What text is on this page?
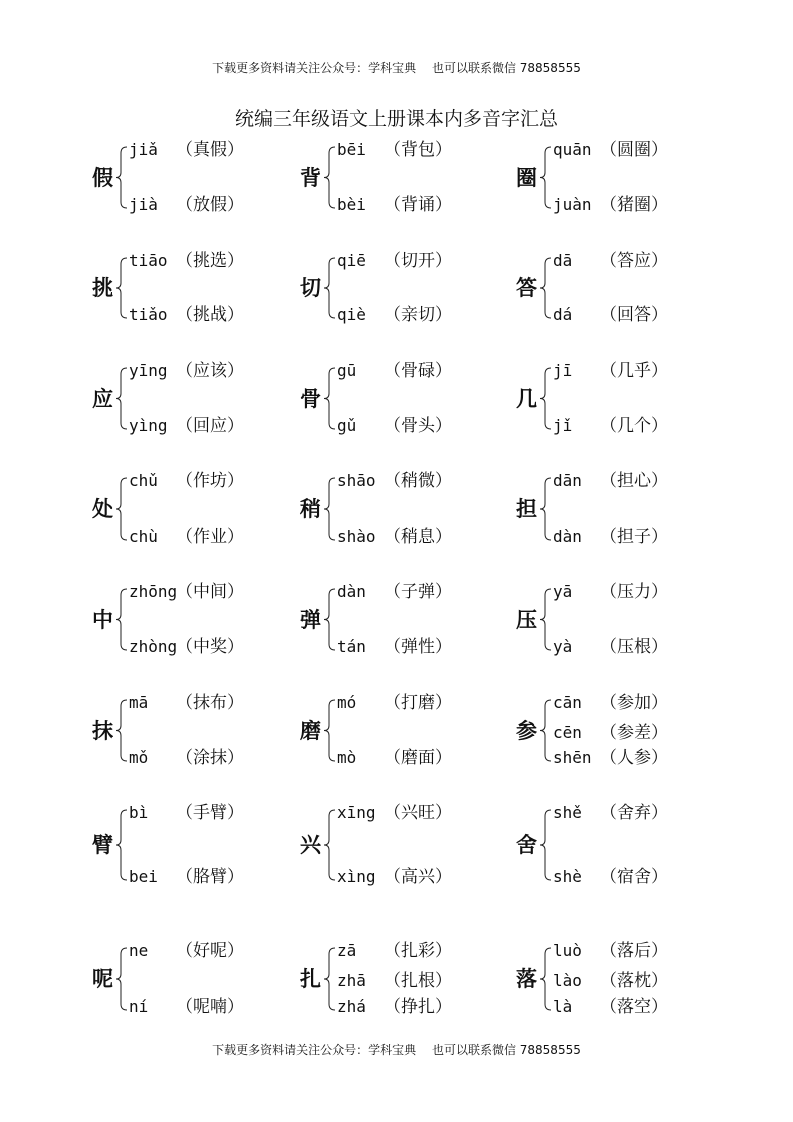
下载更多资料请关注公众号：学科宝典　 也可以联系微信 78858555
统编三年级语文上册课本内多音字汇总
假
jiǎ （真假）
jià （放假）
背
bēi （背包）
bèi （背诵）
圈
quān （圆圈）
juàn （猪圈）
挑
tiāo （挑选）
tiǎo （挑战）
切
qiē （切开）
qiè （亲切）
答
dā （答应）
dá （回答）
应
yīng （应该）
yìng （回应）
骨
gū （骨碌）
gǔ （骨头）
几
jī （几乎）
jǐ （几个）
处
chǔ （作坊）
chù （作业）
稍
shāo （稍微）
shào （稍息）
担
dān （担心）
dàn （担子）
中
zhōng
（中间）
zhòng
（中奖）
弹
dàn （子弹）
tán （弹性）
压
yā （压力）
yà （压根）
抹
mā （抹布）
mǒ （涂抹）
磨
mó （打磨）
mò （磨面）
参
cān （参加）
cēn （参差）
shēn （人参）
臂
bì （手臂）
bei （胳臂）
兴
xīng （兴旺）
xìng （高兴）
舍
shě （舍弃）
shè （宿舍）
呢
ne （好呢）
ní （呢喃）
扎
zā （扎彩）
zhā （扎根）
zhá （挣扎）
落
luò （落后）
lào （落枕）
là （落空）
下载更多资料请关注公众号：学科宝典　 也可以联系微信 78858555
